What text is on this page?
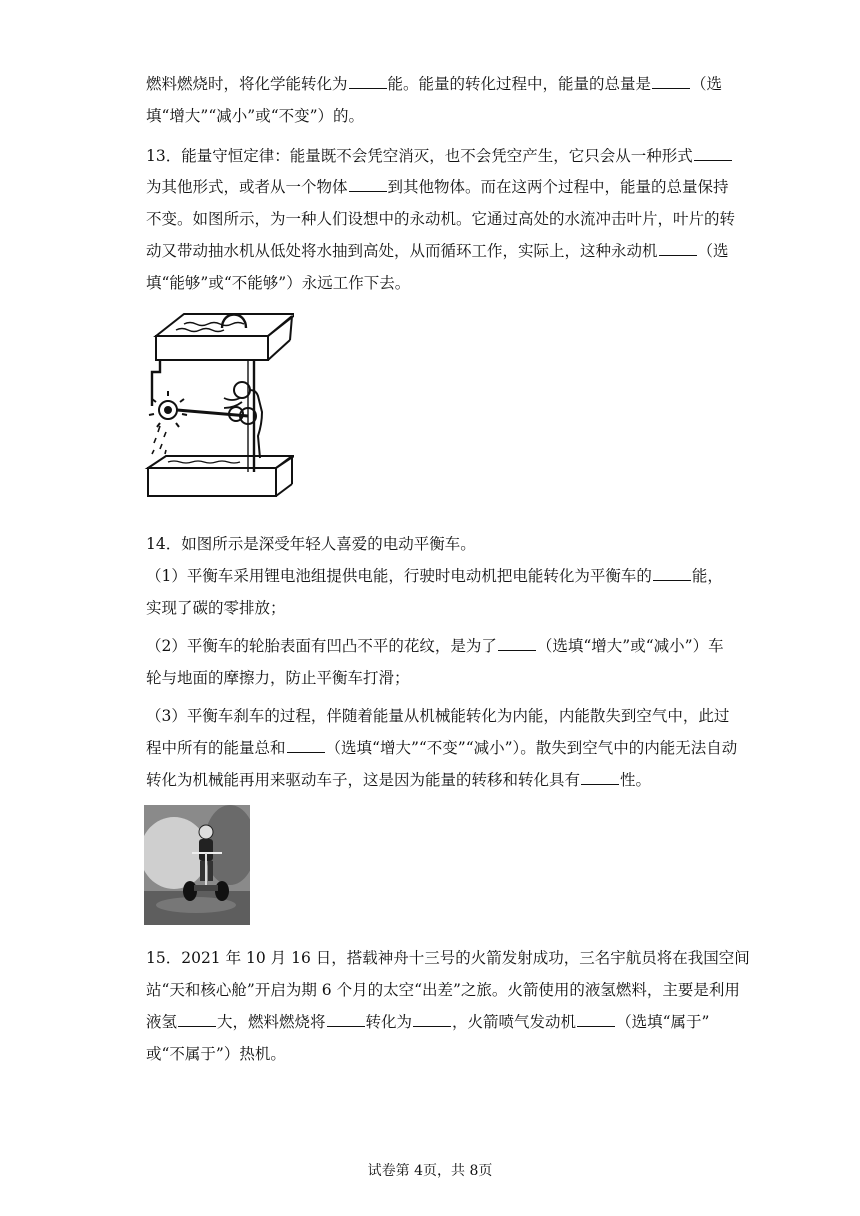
燃料燃烧时，将化学能转化为	能。能量的转化过程中，能量的总量是	（选
填“增大”“减小”或“不变”）的。
13．能量守恒定律：能量既不会凭空消灭，也不会凭空产生，它只会从一种形式
为其他形式，或者从一个物体	到其他物体。而在这两个过程中，能量的总量保持
不变。如图所示，为一种人们设想中的永动机。它通过高处的水流冲击叶片，叶片的转
动又带动抽水机从低处将水抽到高处，从而循环工作，实际上，这种永动机	（选
填“能够”或“不能够”）永远工作下去。
14．如图所示是深受年轻人喜爱的电动平衡车。
（1）平衡车采用锂电池组提供电能，行驶时电动机把电能转化为平衡车的	能，
实现了碳的零排放；
（2）平衡车的轮胎表面有凹凸不平的花纹，是为了	（选填“增大”或“减小”）车
轮与地面的摩擦力，防止平衡车打滑；
（3）平衡车刹车的过程，伴随着能量从机械能转化为内能，内能散失到空气中，此过
程中所有的能量总和	（选填“增大”“不变”“减小”）。散失到空气中的内能无法自动
转化为机械能再用来驱动车子，这是因为能量的转移和转化具有	性。
15．2021 年 10 月 16 日，搭载神舟十三号的火箭发射成功，三名宇航员将在我国空间
站“天和核心舱”开启为期 6 个月的太空“出差”之旅。火箭使用的液氢燃料，主要是利用
液氢	大，燃料燃烧将	转化为	，火箭喷气发动机	（选填“属于”
或“不属于”）热机。
试卷第 4页，共 8页
